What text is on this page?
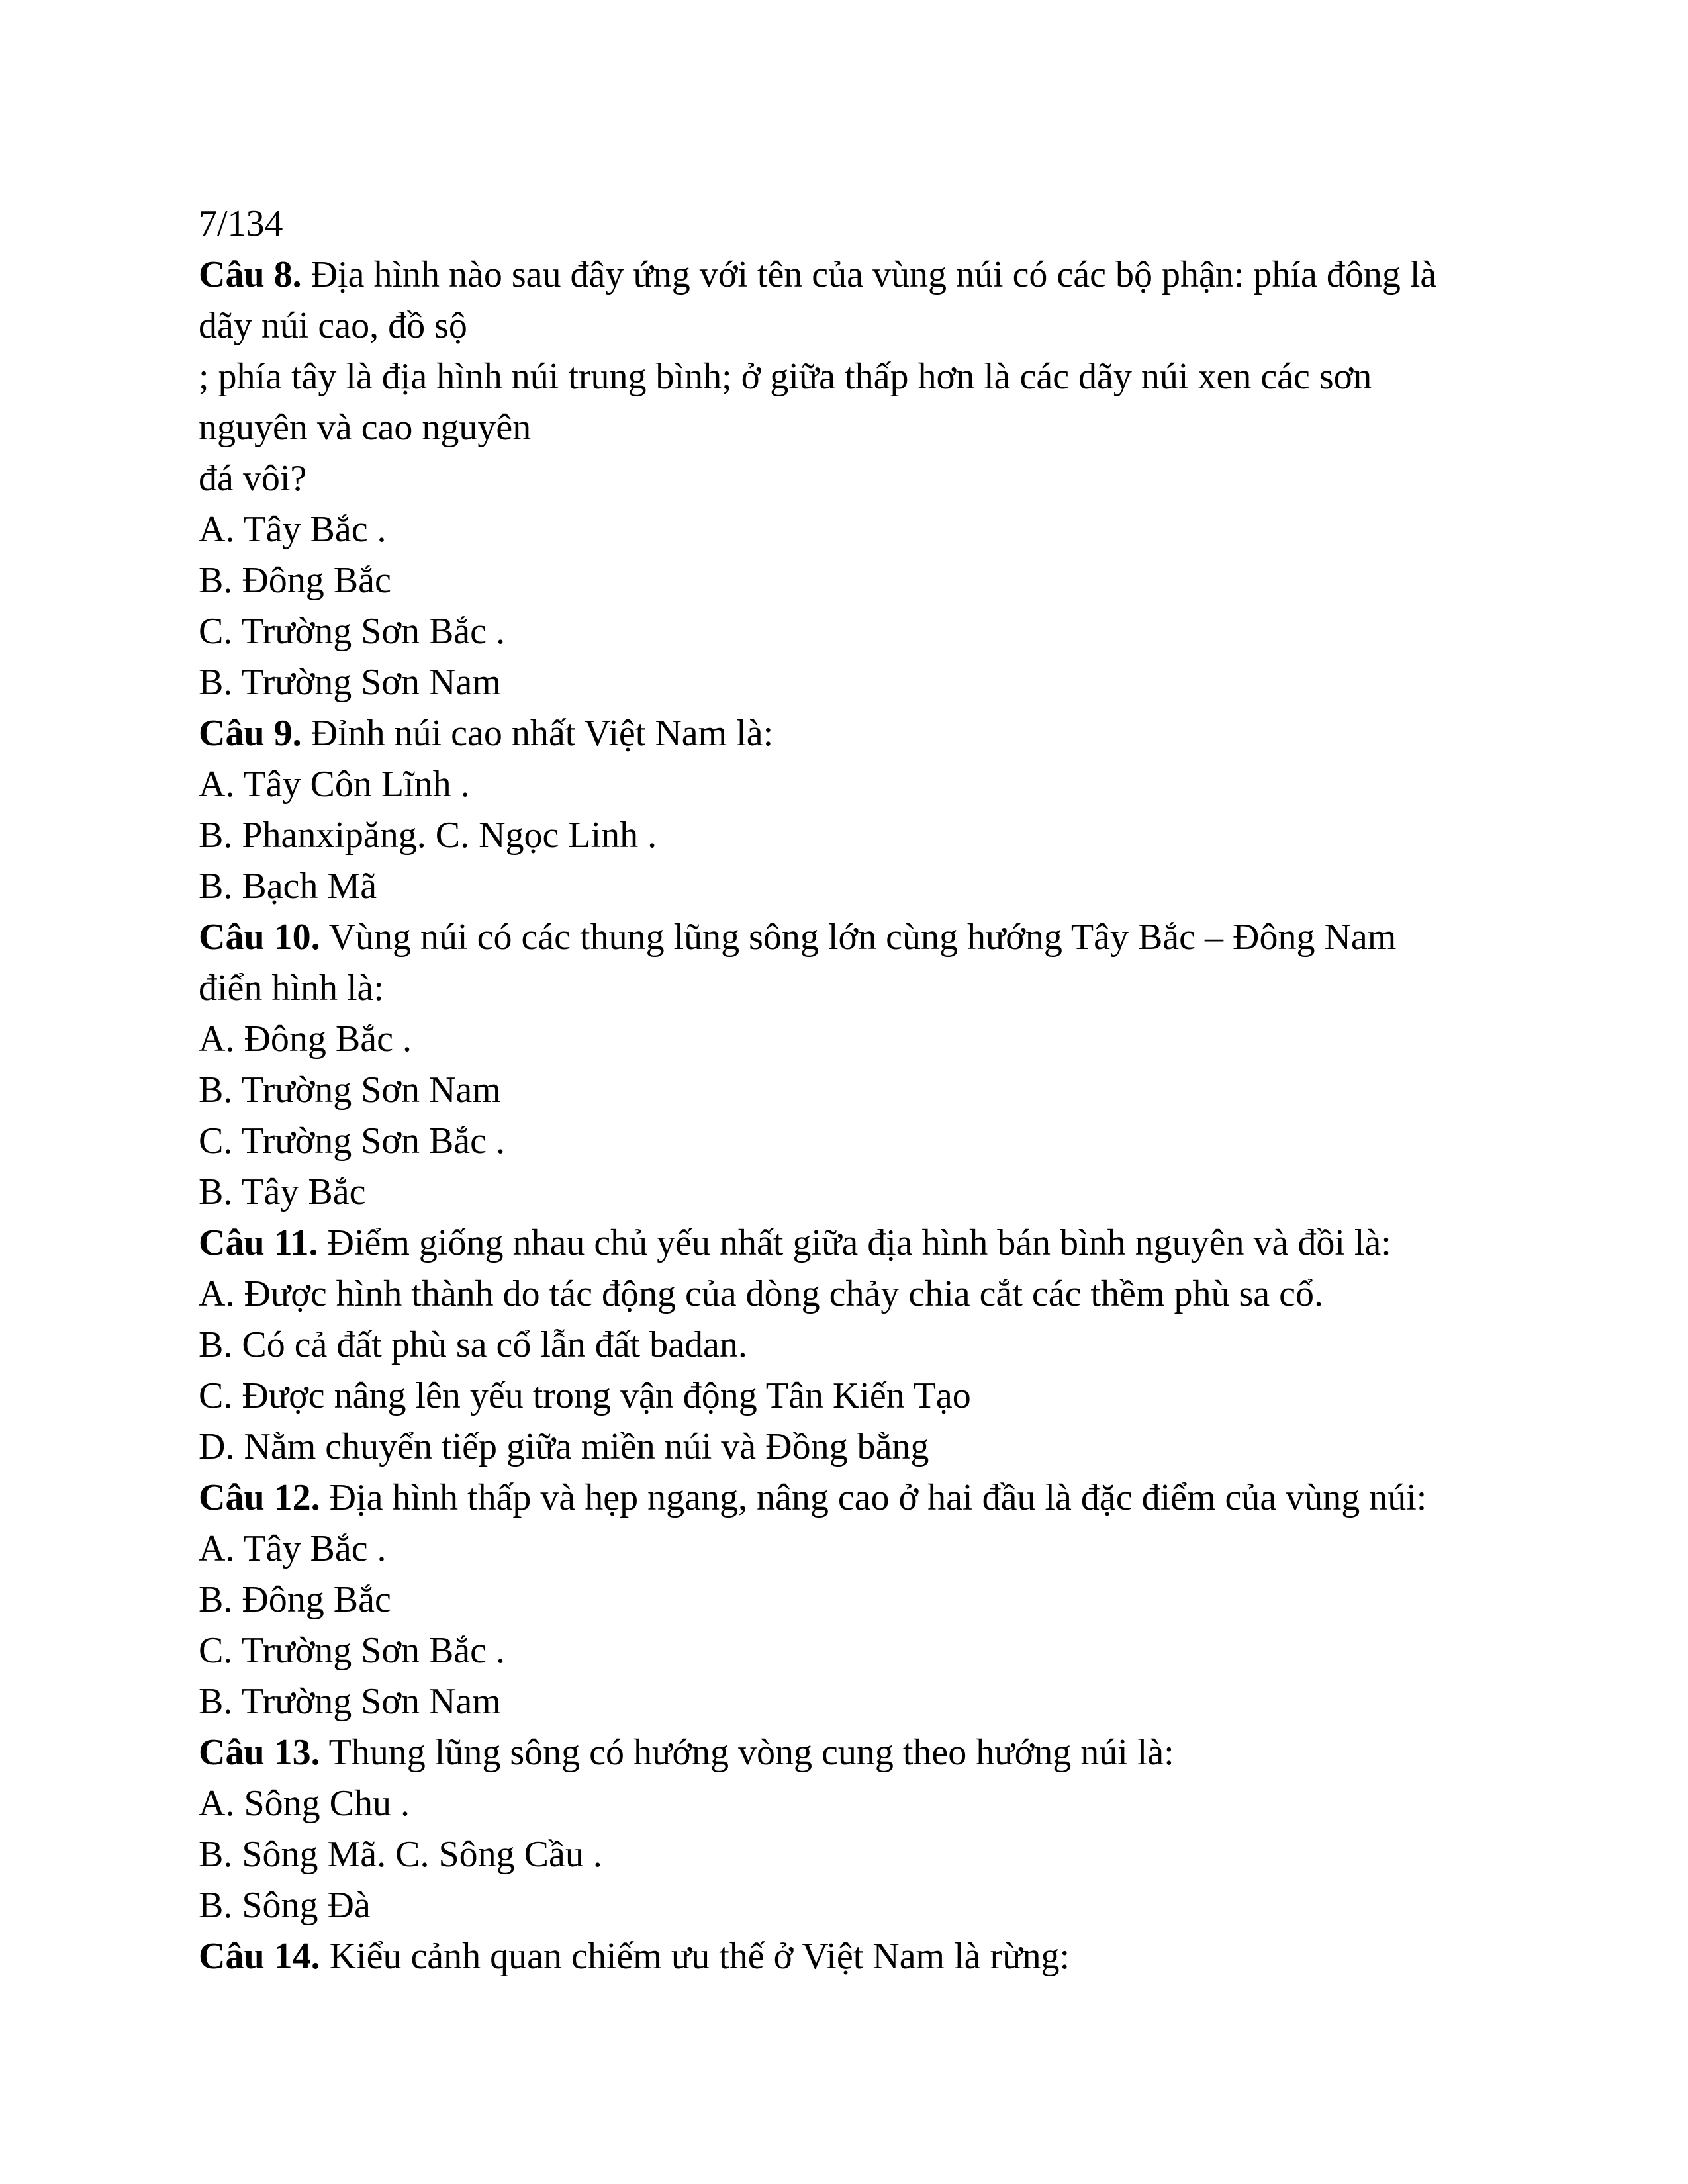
7/134
Câu 8. Địa hình nào sau đây ứng với tên của vùng núi có các bộ phận: phía đông là
dãy núi cao, đồ sộ
; phía tây là địa hình núi trung bình; ở giữa thấp hơn là các dãy núi xen các sơn
nguyên và cao nguyên
đá vôi?
A. Tây Bắc .
B. Đông Bắc
C. Trường Sơn Bắc .
B. Trường Sơn Nam
Câu 9. Đỉnh núi cao nhất Việt Nam là:
A. Tây Côn Lĩnh .
B. Phanxipăng. C. Ngọc Linh .
B. Bạch Mã
Câu 10. Vùng núi có các thung lũng sông lớn cùng hướng Tây Bắc – Đông Nam
điển hình là:
A. Đông Bắc .
B. Trường Sơn Nam
C. Trường Sơn Bắc .
B. Tây Bắc
Câu 11. Điểm giống nhau chủ yếu nhất giữa địa hình bán bình nguyên và đồi là:
A. Được hình thành do tác động của dòng chảy chia cắt các thềm phù sa cổ.
B. Có cả đất phù sa cổ lẫn đất badan.
C. Được nâng lên yếu trong vận động Tân Kiến Tạo
D. Nằm chuyển tiếp giữa miền núi và Đồng bằng
Câu 12. Địa hình thấp và hẹp ngang, nâng cao ở hai đầu là đặc điểm của vùng núi:
A. Tây Bắc .
B. Đông Bắc
C. Trường Sơn Bắc .
B. Trường Sơn Nam
Câu 13. Thung lũng sông có hướng vòng cung theo hướng núi là:
A. Sông Chu .
B. Sông Mã. C. Sông Cầu .
B. Sông Đà
Câu 14. Kiểu cảnh quan chiếm ưu thế ở Việt Nam là rừng:
